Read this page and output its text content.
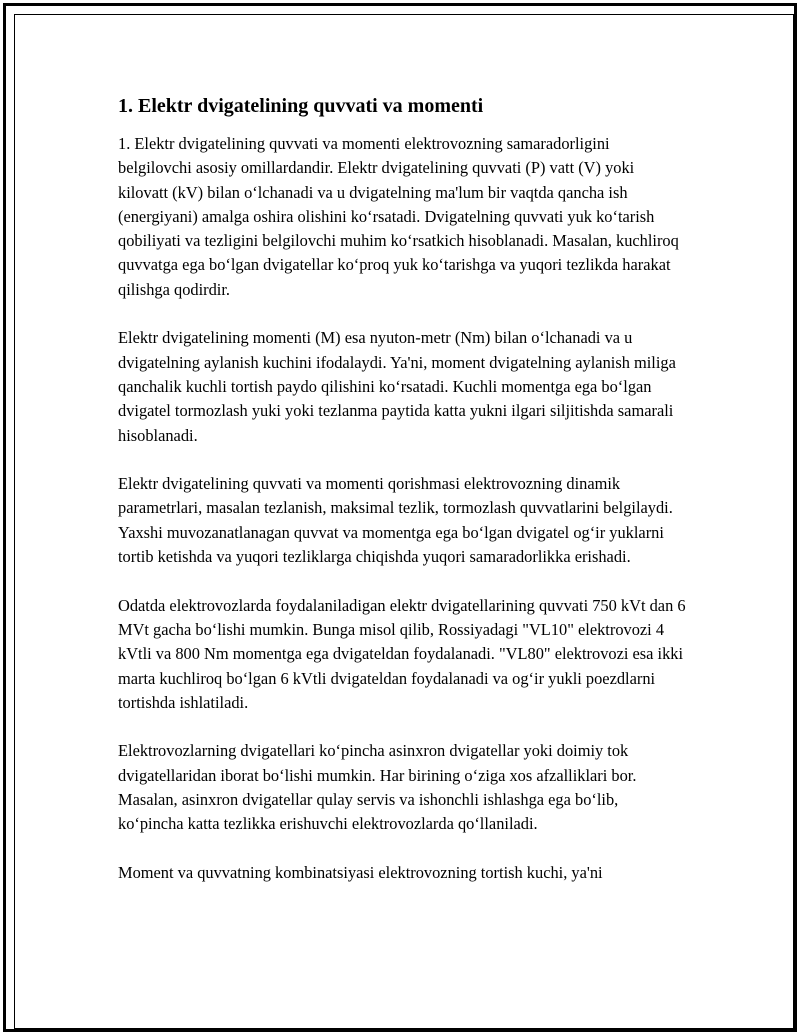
1. Elektr dvigatelining quvvati va momenti

1. Elektr dvigatelining quvvati va momenti elektrovozning samaradorligini belgilovchi asosiy omillardandir. Elektr dvigatelining quvvati (P) vatt (V) yoki kilovatt (kV) bilan oʻlchanadi va u dvigatelning ma'lum bir vaqtda qancha ish (energiyani) amalga oshira olishini koʻrsatadi. Dvigatelning quvvati yuk koʻtarish qobiliyati va tezligini belgilovchi muhim koʻrsatkich hisoblanadi. Masalan, kuchliroq quvvatga ega boʻlgan dvigatellar koʻproq yuk koʻtarishga va yuqori tezlikda harakat qilishga qodirdir.

Elektr dvigatelining momenti (M) esa nyuton-metr (Nm) bilan oʻlchanadi va u dvigatelning aylanish kuchini ifodalaydi. Ya'ni, moment dvigatelning aylanish miliga qanchalik kuchli tortish paydo qilishini koʻrsatadi. Kuchli momentga ega boʻlgan dvigatel tormozlash yuki yoki tezlanma paytida katta yukni ilgari siljitishda samarali hisoblanadi.

Elektr dvigatelining quvvati va momenti qorishmasi elektrovozning dinamik parametrlari, masalan tezlanish, maksimal tezlik, tormozlash quvvatlarini belgilaydi. Yaxshi muvozanatlanagan quvvat va momentga ega boʻlgan dvigatel ogʻir yuklarni tortib ketishda va yuqori tezliklarga chiqishda yuqori samaradorlikka erishadi.

Odatda elektrovozlarda foydalaniladigan elektr dvigatellarining quvvati 750 kVt dan 6 MVt gacha boʻlishi mumkin. Bunga misol qilib, Rossiyadagi "VL10" elektrovozi 4 kVtli va 800 Nm momentga ega dvigateldan foydalanadi. "VL80" elektrovozi esa ikki marta kuchliroq boʻlgan 6 kVtli dvigateldan foydalanadi va ogʻir yukli poezdlarni tortishda ishlatiladi.

Elektrovozlarning dvigatellari koʻpincha asinxron dvigatellar yoki doimiy tok dvigatellaridan iborat boʻlishi mumkin. Har birining oʻziga xos afzalliklari bor. Masalan, asinxron dvigatellar qulay servis va ishonchli ishlashga ega boʻlib, koʻpincha katta tezlikka erishuvchi elektrovozlarda qoʻllaniladi.

Moment va quvvatning kombinatsiyasi elektrovozning tortish kuchi, ya'ni
